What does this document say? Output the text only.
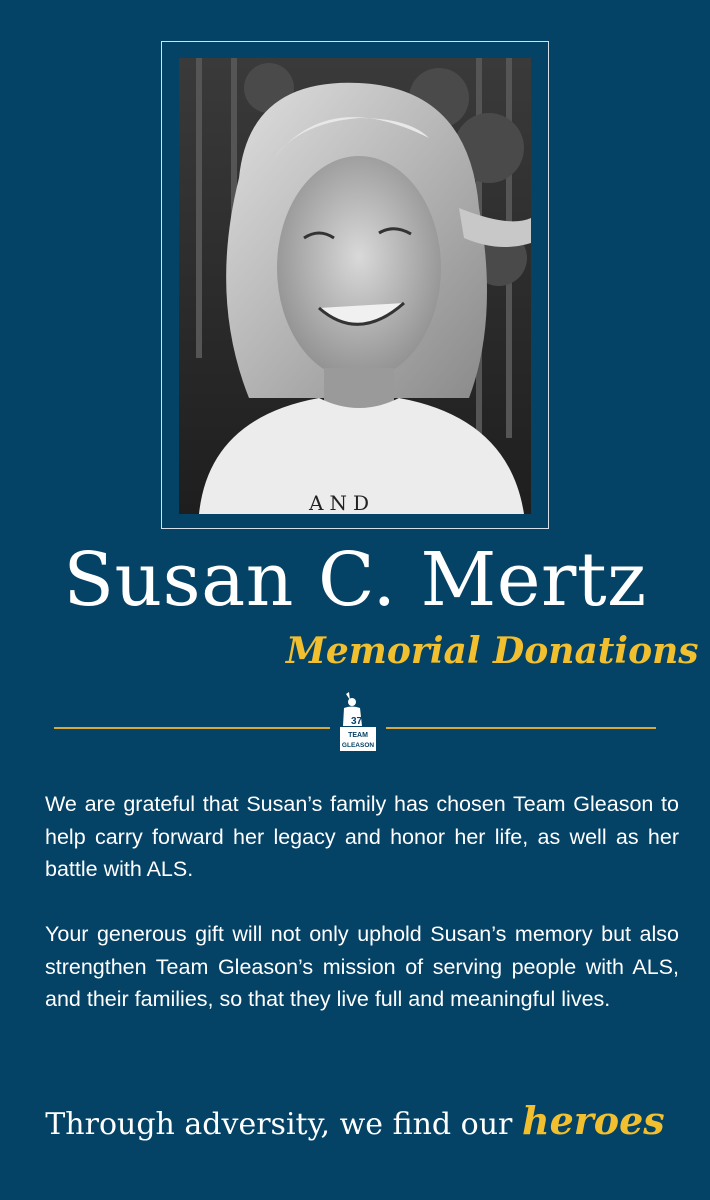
AND
Susan C. Mertz
Memorial Donations
37
TEAM
GLEASON

We are grateful that Susan’s family has chosen Team Gleason to help carry forward her legacy and honor her life, as well as her battle with ALS.

Your generous gift will not only uphold Susan’s memory but also strengthen Team Gleason’s mission of serving people with ALS, and their families, so that they live full and meaningful lives.

Through adversity, we find our heroes
